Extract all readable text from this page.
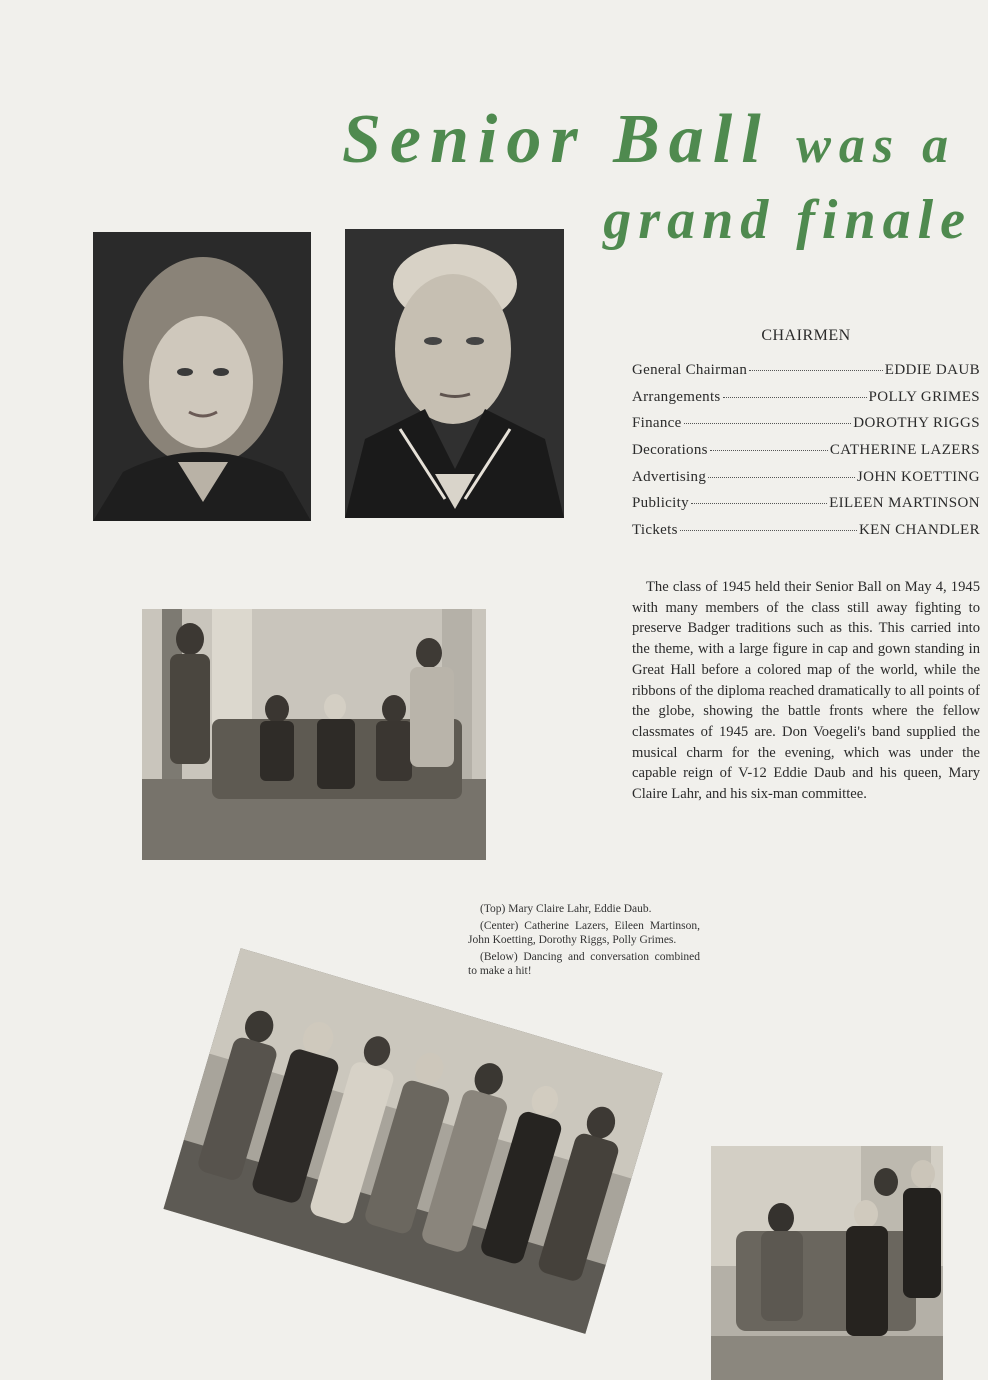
Senior Ball was a
grand finale
CHAIRMEN
General Chairman	EDDIE DAUB
Arrangements	POLLY GRIMES
Finance	DOROTHY RIGGS
Decorations	CATHERINE LAZERS
Advertising	JOHN KOETTING
Publicity	EILEEN MARTINSON
Tickets	KEN CHANDLER
The class of 1945 held their Senior Ball on May 4, 1945 with many members of the class still away fighting to preserve Badger traditions such as this. This carried into the theme, with a large figure in cap and gown standing in Great Hall before a colored map of the world, while the ribbons of the diploma reached dramatically to all points of the globe, showing the battle fronts where the fellow classmates of 1945 are. Don Voegeli's band supplied the musical charm for the evening, which was under the capable reign of V-12 Eddie Daub and his queen, Mary Claire Lahr, and his six-man committee.

(Top) Mary Claire Lahr, Eddie Daub.

(Center) Catherine Lazers, Eileen Martinson, John Koetting, Dorothy Riggs, Polly Grimes.

(Below) Dancing and conversation combined to make a hit!
